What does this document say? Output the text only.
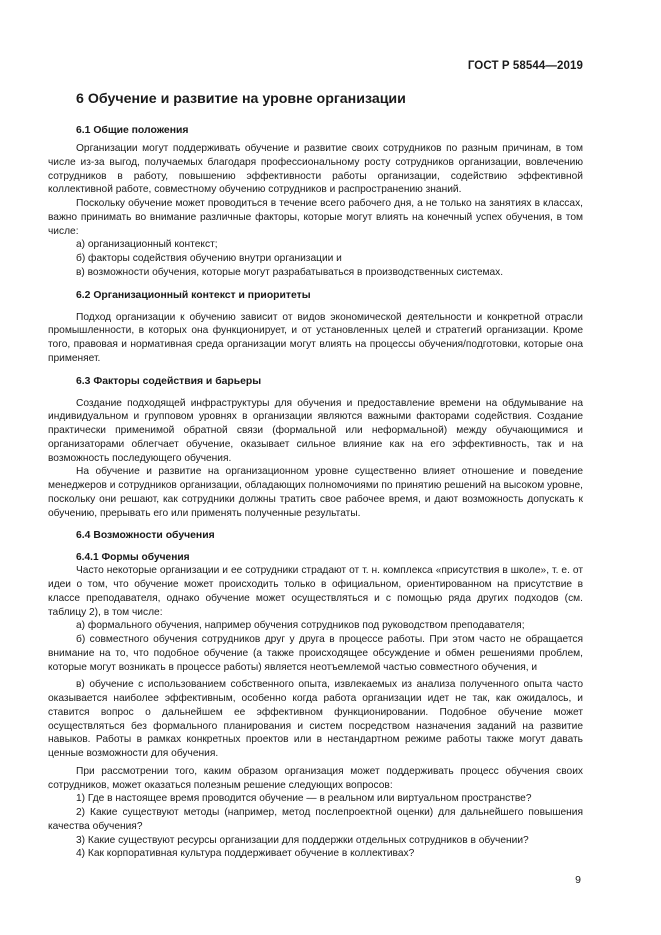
ГОСТ Р 58544—2019
6 Обучение и развитие на уровне организации
6.1 Общие положения

Организации могут поддерживать обучение и развитие своих сотрудников по разным причинам, в том числе из-за выгод, получаемых благодаря профессиональному росту сотрудников организации, вовлечению сотрудников в работу, повышению эффективности работы организации, содействию эффективной коллективной работе, совместному обучению сотрудников и распространению знаний.

Поскольку обучение может проводиться в течение всего рабочего дня, а не только на занятиях в классах, важно принимать во внимание различные факторы, которые могут влиять на конечный успех обучения, в том числе:

а) организационный контекст;

б) факторы содействия обучению внутри организации и

в) возможности обучения, которые могут разрабатываться в производственных системах.

6.2 Организационный контекст и приоритеты

Подход организации к обучению зависит от видов экономической деятельности и конкретной отрасли промышленности, в которых она функционирует, и от установленных целей и стратегий организации. Кроме того, правовая и нормативная среда организации могут влиять на процессы обучения/подготовки, которые она применяет.

6.3 Факторы содействия и барьеры

Создание подходящей инфраструктуры для обучения и предоставление времени на обдумывание на индивидуальном и групповом уровнях в организации являются важными факторами содействия. Создание практически применимой обратной связи (формальной или неформальной) между обучающимися и организаторами облегчает обучение, оказывает сильное влияние как на его эффективность, так и на возможность последующего обучения.

На обучение и развитие на организационном уровне существенно влияет отношение и поведение менеджеров и сотрудников организации, обладающих полномочиями по принятию решений на высоком уровне, поскольку они решают, как сотрудники должны тратить свое рабочее время, и дают возможность допускать к обучению, прерывать его или применять полученные результаты.

6.4 Возможности обучения
6.4.1 Формы обучения

Часто некоторые организации и ее сотрудники страдают от т. н. комплекса «присутствия в школе», т. е. от идеи о том, что обучение может происходить только в официальном, ориентированном на присутствие в классе преподавателя, однако обучение может осуществляться и с помощью ряда других подходов (см. таблицу 2), в том числе:

а) формального обучения, например обучения сотрудников под руководством преподавателя;

б) совместного обучения сотрудников друг у друга в процессе работы. При этом часто не обращается внимание на то, что подобное обучение (а также происходящее обсуждение и обмен решениями проблем, которые могут возникать в процессе работы) является неотъемлемой частью совместного обучения, и

в) обучение с использованием собственного опыта, извлекаемых из анализа полученного опыта часто оказывается наиболее эффективным, особенно когда работа организации идет не так, как ожидалось, и ставится вопрос о дальнейшем ее эффективном функционировании. Подобное обучение может осуществляться без формального планирования и систем посредством назначения заданий на развитие навыков. Работы в рамках конкретных проектов или в нестандартном режиме работы также могут давать ценные возможности для обучения.

При рассмотрении того, каким образом организация может поддерживать процесс обучения своих сотрудников, может оказаться полезным решение следующих вопросов:

1) Где в настоящее время проводится обучение — в реальном или виртуальном пространстве?

2) Какие существуют методы (например, метод послепроектной оценки) для дальнейшего повышения качества обучения?

3) Какие существуют ресурсы организации для поддержки отдельных сотрудников в обучении?

4) Как корпоративная культура поддерживает обучение в коллективах?

9
